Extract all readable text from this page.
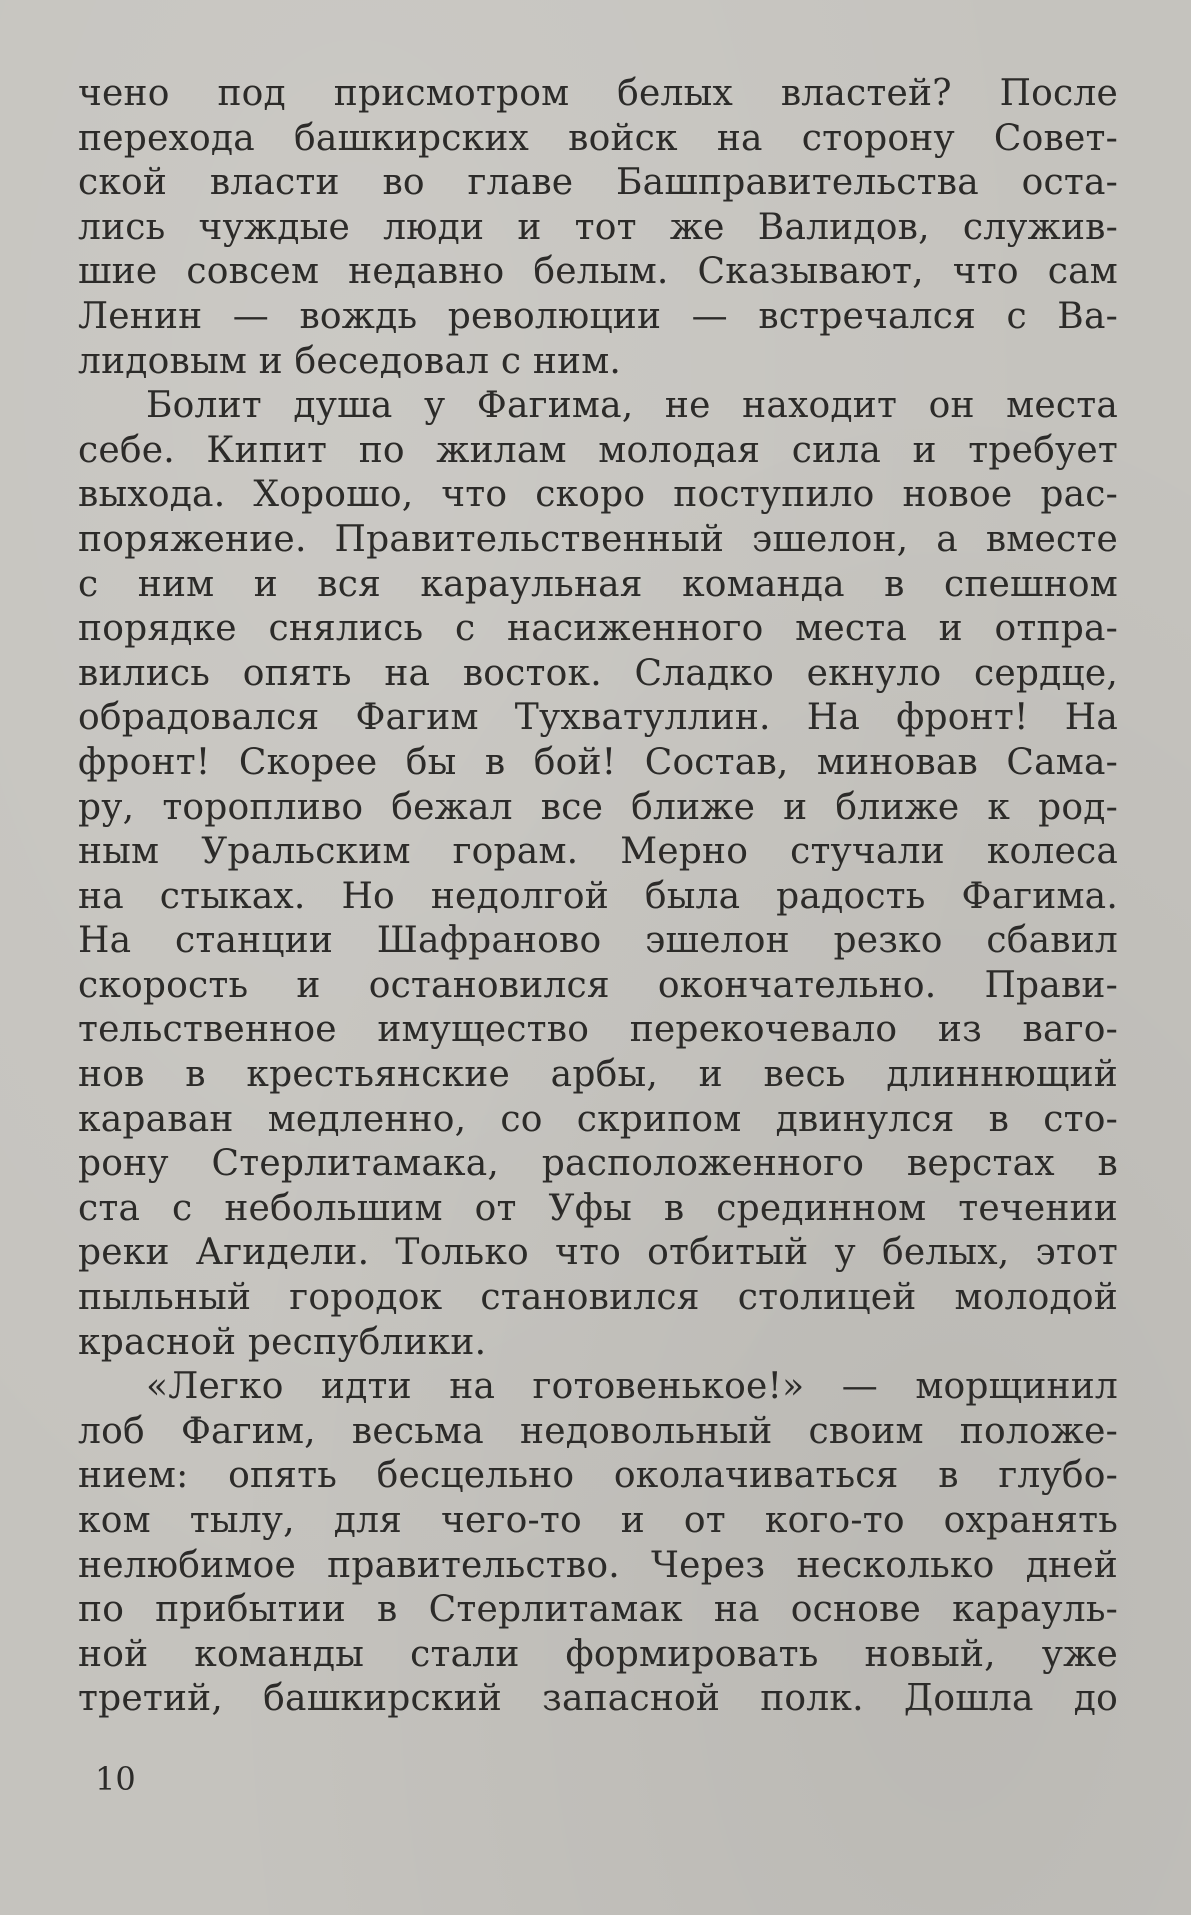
чено под присмотром белых властей? После
перехода башкирских войск на сторону Совет-
ской власти во главе Башправительства оста-
лись чуждые люди и тот же Валидов, служив-
шие совсем недавно белым. Сказывают, что сам
Ленин — вождь революции — встречался с Ва-
лидовым и беседовал с ним.
Болит душа у Фагима, не находит он места
себе. Кипит по жилам молодая сила и требует
выхода. Хорошо, что скоро поступило новое рас-
поряжение. Правительственный эшелон, а вместе
с ним и вся караульная команда в спешном
порядке снялись с насиженного места и отпра-
вились опять на восток. Сладко екнуло сердце,
обрадовался Фагим Тухватуллин. На фронт! На
фронт! Скорее бы в бой! Состав, миновав Сама-
ру, торопливо бежал все ближе и ближе к род-
ным Уральским горам. Мерно стучали колеса
на стыках. Но недолгой была радость Фагима.
На станции Шафраново эшелон резко сбавил
скорость и остановился окончательно. Прави-
тельственное имущество перекочевало из ваго-
нов в крестьянские арбы, и весь длиннющий
караван медленно, со скрипом двинулся в сто-
рону Стерлитамака, расположенного верстах в
ста с небольшим от Уфы в срединном течении
реки Агидели. Только что отбитый у белых, этот
пыльный городок становился столицей молодой
красной республики.
«Легко идти на готовенькое!» — морщинил
лоб Фагим, весьма недовольный своим положе-
нием: опять бесцельно околачиваться в глубо-
ком тылу, для чего-то и от кого-то охранять
нелюбимое правительство. Через несколько дней
по прибытии в Стерлитамак на основе карауль-
ной команды стали формировать новый, уже
третий, башкирский запасной полк. Дошла до
10
